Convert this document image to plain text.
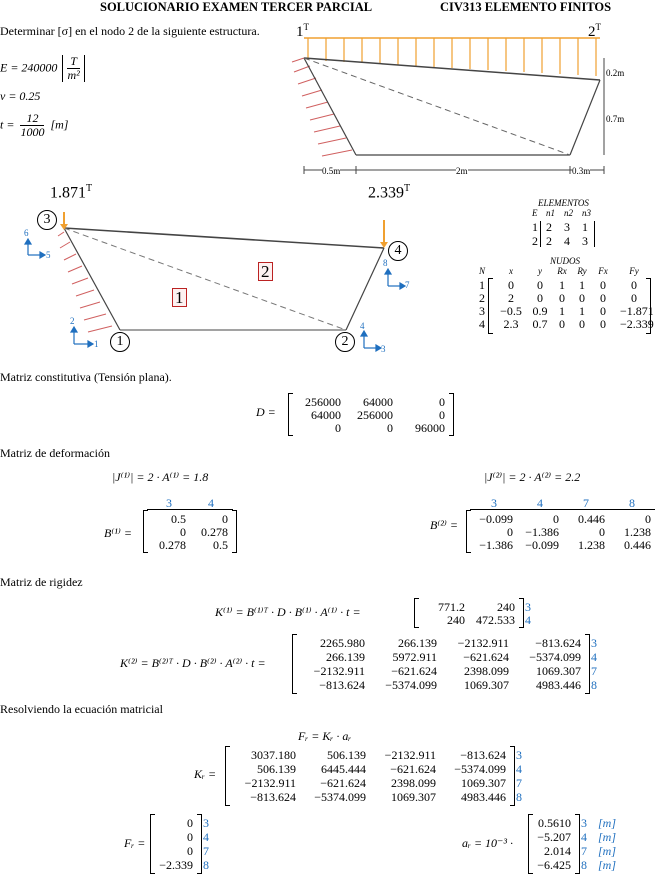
SOLUCIONARIO EXAMEN TERCER PARCIAL	CIV313 ELEMENTO FINITOS
Determinar [σ] en el nodo 2 de la siguiente estructura.
$E = 240000 \frac{T}{\text{m²}}$
ν = 0.25
$t = \frac{12}{1000} [m]$
$1^T$	$2^T$
0.2m
0.7m
0.5m	2m	0.3m
$1.871^T$	$2.339^T$
3
4
1	2
2
1
6
5
2
1
4
3
8
7
ELEMENTOS
E n1 n2 n3
1 2 3 1
2 2 4 3
NUDOS
N	x	y	Rx	Ry	Fx	Fy
1	0	0	1	1	0	0
2	2	0	0	0	0	0
3 −0.5 0.9 1	1	0	−1.871
4 2.3 0.7 0	0	0	−2.339
Matriz constitutiva (Tensión plana).
D =
256000	64000	0
64000	256000	0
0	0	96000
Matriz de deformación
|J⁽¹⁾| = 2 · A⁽¹⁾ = 1.8	|J⁽²⁾| = 2 · A⁽²⁾ = 2.2
B⁽¹⁾ =
3	4
0.5	0
0	0.278
0.278	0.5
B⁽²⁾ =
3	4	7	8
−0.099	0	0.446	0
0	−1.386	0	1.238
−1.386	−0.099	1.238	0.446
Matriz de rigidez
K⁽¹⁾ = B⁽¹⁾ᵀ · D · B⁽¹⁾ · A⁽¹⁾ · t =	771.2	240
240 472.533
3
4
K⁽²⁾ = B⁽²⁾ᵀ · D · B⁽²⁾ · A⁽²⁾ · t =
2265.980	266.139	−2132.911	−813.624
266.139	5972.911	−621.624	−5374.099
−2132.911	−621.624	2398.099	1069.307
−813.624	−5374.099	1069.307	4983.446
3
4
7
8
Resolviendo la ecuación matricial
Fᵣ = Kᵣ · aᵣ
Kᵣ =
3037.180	506.139	−2132.911	−813.624
506.139	6445.444	−621.624	−5374.099
−2132.911	−621.624	2398.099	1069.307
−813.624	−5374.099	1069.307	4983.446
3
4
7
8
Fᵣ =
0
0
0
−2.339
3
4
7
8
aᵣ = 10⁻³ ·
0.5610
−5.207
2.014
−6.425
3
4
7
8
[m]
[m]
[m]
[m]
